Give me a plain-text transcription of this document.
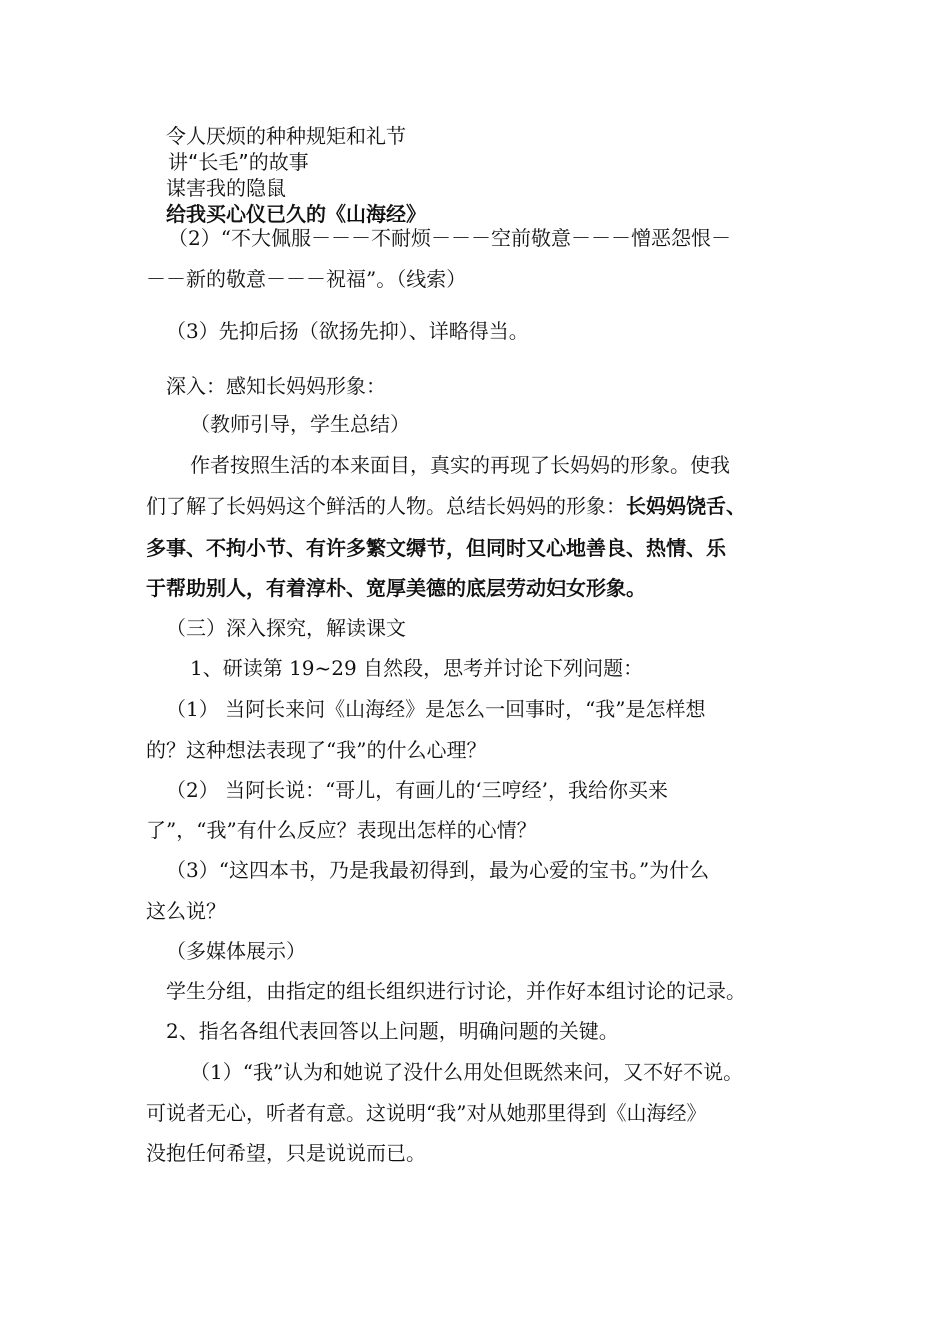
令人厌烦的种种规矩和礼节
讲“长毛”的故事
谋害我的隐鼠
给我买心仪已久的《山海经》
（2）“不大佩服－－－不耐烦－－－空前敬意－－－憎恶怨恨－
－－新的敬意－－－祝福”。（线索）
（3）先抑后扬（欲扬先抑）、详略得当。
深入：感知长妈妈形象：
（教师引导，学生总结）
作者按照生活的本来面目，真实的再现了长妈妈的形象。使我
们了解了长妈妈这个鲜活的人物。总结长妈妈的形象：长妈妈饶舌、
多事、不拘小节、有许多繁文缛节，但同时又心地善良、热情、乐
于帮助别人，有着淳朴、宽厚美德的底层劳动妇女形象。
（三）深入探究，解读课文
1、研读第 19~29 自然段，思考并讨论下列问题：
（1） 当阿长来问《山海经》是怎么一回事时，“我”是怎样想
的？这种想法表现了“我”的什么心理？
（2） 当阿长说：“哥儿，有画儿的‘三哼经’，我给你买来
了”，“我”有什么反应？表现出怎样的心情？
（3）“这四本书，乃是我最初得到，最为心爱的宝书。”为什么
这么说？
（多媒体展示）
学生分组，由指定的组长组织进行讨论，并作好本组讨论的记录。
2、指名各组代表回答以上问题，明确问题的关键。
（1）“我”认为和她说了没什么用处但既然来问，又不好不说。
可说者无心，听者有意。这说明“我”对从她那里得到《山海经》
没抱任何希望，只是说说而已。
